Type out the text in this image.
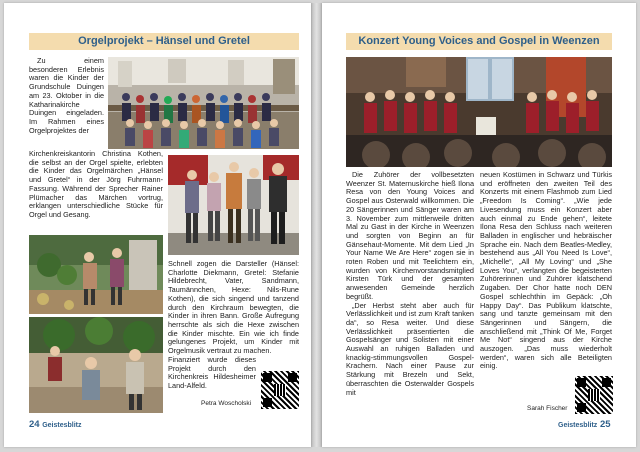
Orgelprojekt – Hänsel und Gretel

Zu einem besonderen Erlebnis waren die Kinder der Grundschule Duingen am 23. Oktober in die Katharinakirche Duingen eingeladen. Im Rahmen eines Orgelprojektes der

Kirchenkreiskantorin Christina Kothen, die selbst an der Orgel spielte, erlebten die Kinder das Orgelmärchen „Hänsel und Gretel“ in der Jörg Fuhrmann-Fassung. Während der Sprecher Rainer Plümacher das Märchen vortrug, erklangen unterschiedliche Stücke für Orgel und Gesang.

Schnell zogen die Darsteller (Hänsel: Charlotte Diekmann, Gretel: Stefanie Hildebrecht, Vater, Sandmann, Taumännchen, Hexe: Nils-Rune Kothen), die sich singend und tanzend durch den Kirchraum bewegten, die Kinder in ihren Bann. Große Aufregung herrschte als sich die Hexe zwischen die Kinder mischte. Ein wie ich finde gelungenes Projekt, um Kinder mit Orgelmusik vertraut zu machen.

Finanziert wurde dieses Projekt durch den Kirchenkreis Hildesheimer Land-Alfeld.

Petra Woscholski
24 Geistesblitz
Konzert Young Voices and Gospel in Weenzen

Die Zuhörer der vollbesetzten Weenzer St. Maternuskirche hieß Ilona Resa von den Young Voices and Gospel aus Osterwald willkommen. Die 20 Sängerinnen und Sänger waren am 3. November zum mittlerweile dritten Mal zu Gast in der Kirche in Weenzen und sorgten von Beginn an für Gänsehaut-Momente. Mit dem Lied „In Your Name We Are Here“ zogen sie in roten Roben und mit Teelichtern ein, wurden von Kirchenvorstandsmitglied Kirsten Türk und der gesamten anwesenden Gemeinde herzlich begrüßt.

„Der Herbst steht aber auch für Verlässlichkeit und ist zum Kraft tanken da“, so Resa weiter. Und diese Verlässlichkeit präsentierten die Gospelsänger und Solisten mit einer Auswahl an ruhigen Balladen und knackig-stimmungsvollen Gospel-Krachern. Nach einer Pause zur Stärkung mit Brezeln und Sekt, überraschten die Osterwalder Gospels mit

neuen Kostümen in Schwarz und Türkis und eröffneten den zweiten Teil des Konzerts mit einem Flashmob zum Lied „Freedom Is Coming“. „Wie jede Livesendung muss ein Konzert aber auch einmal zu Ende gehen“, leitete Ilona Resa den Schluss nach weiteren Balladen in englischer und hebräischer Sprache ein. Nach dem Beatles-Medley, bestehend aus „All You Need Is Love“, „Michelle“, „All My Loving“ und „She Loves You“, verlangten die begeisterten Zuhörerinnen und Zuhörer klatschend Zugaben. Der Chor hatte noch DEN Gospel schlechthin im Gepäck: „Oh Happy Day“. Das Publikum klatschte, sang und tanzte gemeinsam mit den Sängerinnen und Sängern, die anschließend mit „Think Of Me, Forget Me Not“ singend aus der Kirche auszogen. „Das muss wiederholt werden“, waren sich alle Beteiligten einig.

Sarah Fischer
Geistesblitz 25
